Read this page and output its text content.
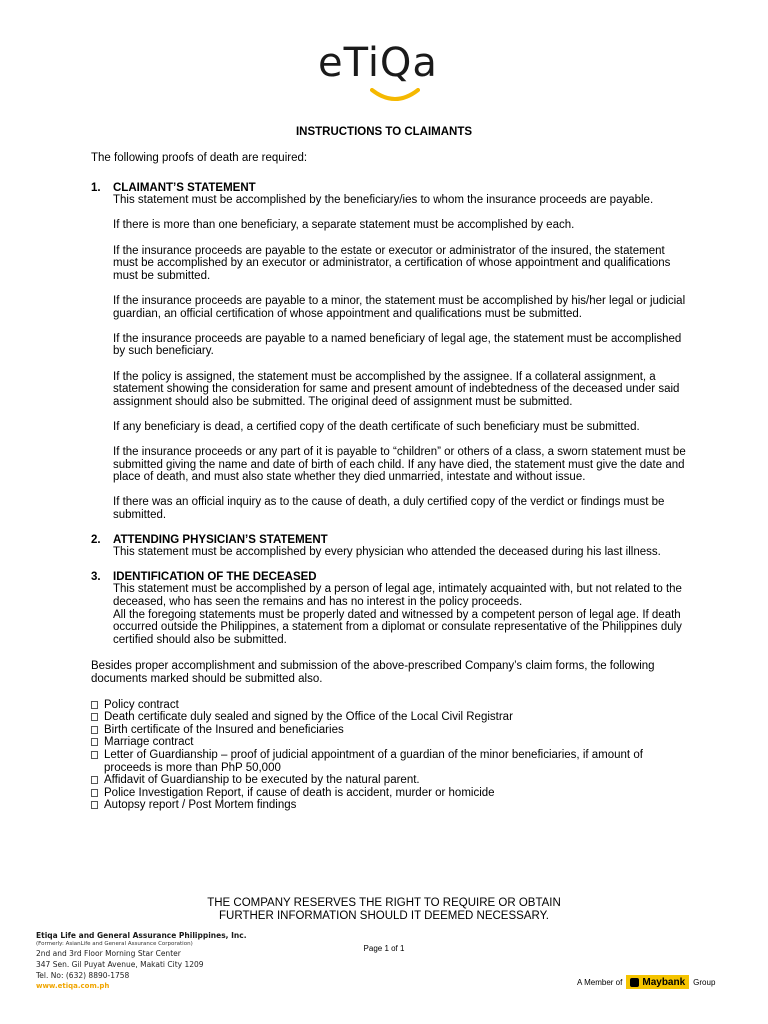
eTiQa
INSTRUCTIONS TO CLAIMANTS

The following proofs of death are required:

1. CLAIMANT’S STATEMENT

This statement must be accomplished by the beneficiary/ies to whom the insurance proceeds are payable.

If there is more than one beneficiary, a separate statement must be accomplished by each.

If the insurance proceeds are payable to the estate or executor or administrator of the insured, the statement must be accomplished by an executor or administrator, a certification of whose appointment and qualifications must be submitted.

If the insurance proceeds are payable to a minor, the statement must be accomplished by his/her legal or judicial guardian, an official certification of whose appointment and qualifications must be submitted.

If the insurance proceeds are payable to a named beneficiary of legal age, the statement must be accomplished by such beneficiary.

If the policy is assigned, the statement must be accomplished by the assignee. If a collateral assignment, a statement showing the consideration for same and present amount of indebtedness of the deceased under said assignment should also be submitted. The original deed of assignment must be submitted.

If any beneficiary is dead, a certified copy of the death certificate of such beneficiary must be submitted.

If the insurance proceeds or any part of it is payable to “children” or others of a class, a sworn statement must be submitted giving the name and date of birth of each child. If any have died, the statement must give the date and place of death, and must also state whether they died unmarried, intestate and without issue.

If there was an official inquiry as to the cause of death, a duly certified copy of the verdict or findings must be submitted.

2. ATTENDING PHYSICIAN’S STATEMENT

This statement must be accomplished by every physician who attended the deceased during his last illness.

3. IDENTIFICATION OF THE DECEASED

This statement must be accomplished by a person of legal age, intimately acquainted with, but not related to the deceased, who has seen the remains and has no interest in the policy proceeds.

All the foregoing statements must be properly dated and witnessed by a competent person of legal age. If death occurred outside the Philippines, a statement from a diplomat or consulate representative of the Philippines duly certified should also be submitted.

Besides proper accomplishment and submission of the above-prescribed Company’s claim forms, the following documents marked should be submitted also.

Policy contract
Death certificate duly sealed and signed by the Office of the Local Civil Registrar
Birth certificate of the Insured and beneficiaries
Marriage contract
Letter of Guardianship – proof of judicial appointment of a guardian of the minor beneficiaries, if amount of proceeds is more than PhP 50,000
Affidavit of Guardianship to be executed by the natural parent.
Police Investigation Report, if cause of death is accident, murder or homicide
Autopsy report / Post Mortem findings
THE COMPANY RESERVES THE RIGHT TO REQUIRE OR OBTAIN
FURTHER INFORMATION SHOULD IT DEEMED NECESSARY.
Etiqa Life and General Assurance Philippines, Inc.
(Formerly: AsianLife and General Assurance Corporation)
2nd and 3rd Floor Morning Star Center
347 Sen. Gil Puyat Avenue, Makati City 1209
Tel. No: (632) 8890-1758
www.etiqa.com.ph
Page 1 of 1
A Member of Maybank Group
